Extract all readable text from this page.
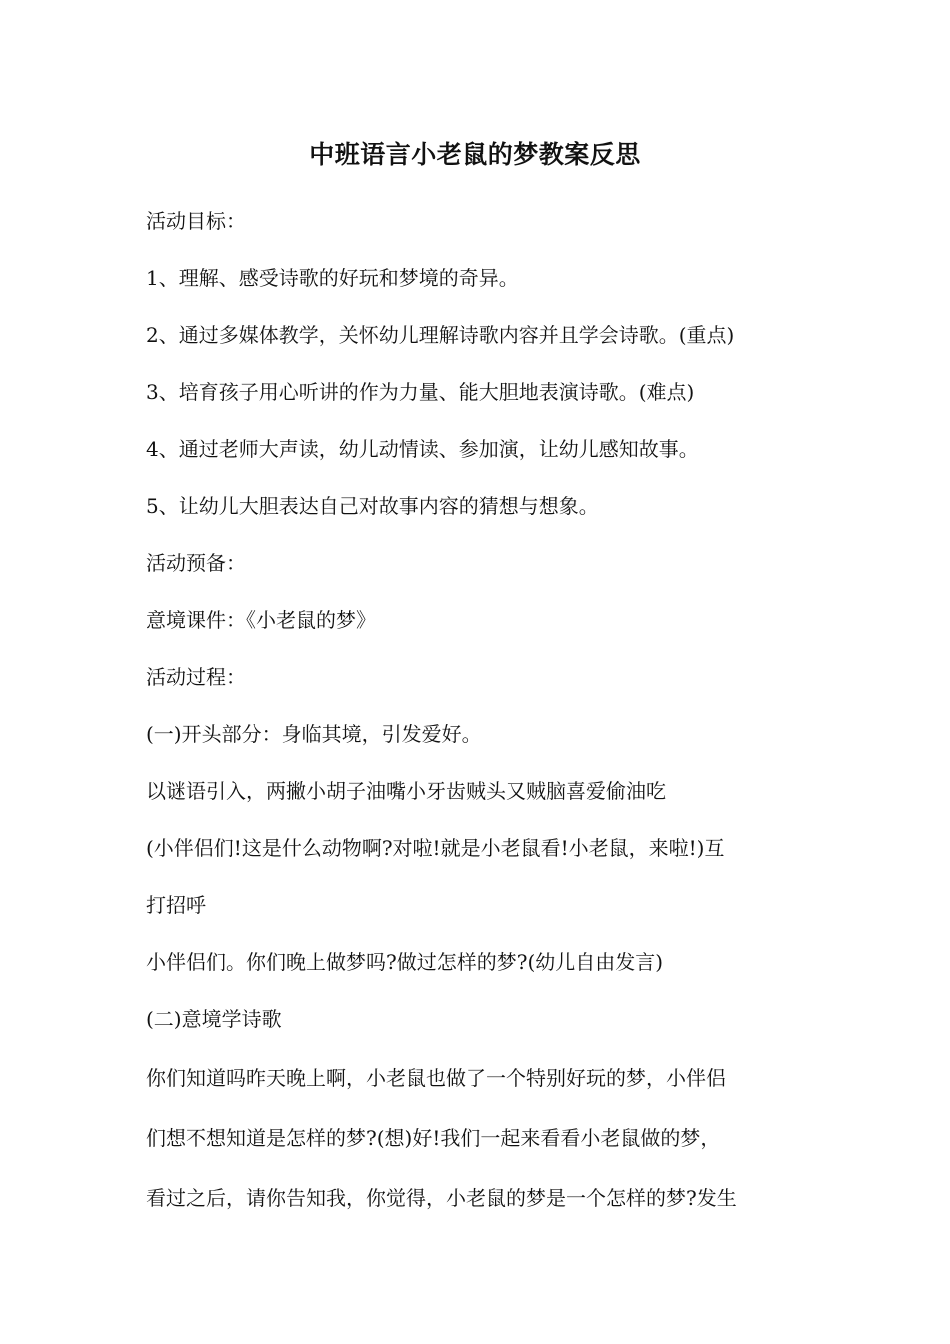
中班语言小老鼠的梦教案反思
活动目标：
1、理解、感受诗歌的好玩和梦境的奇异。
2、通过多媒体教学，关怀幼儿理解诗歌内容并且学会诗歌。(重点)
3、培育孩子用心听讲的作为力量、能大胆地表演诗歌。(难点)
4、通过老师大声读，幼儿动情读、参加演，让幼儿感知故事。
5、让幼儿大胆表达自己对故事内容的猜想与想象。
活动预备：
意境课件：《小老鼠的梦》
活动过程：
(一)开头部分：身临其境，引发爱好。
以谜语引入，两撇小胡子油嘴小牙齿贼头又贼脑喜爱偷油吃
(小伴侣们!这是什么动物啊?对啦!就是小老鼠看!小老鼠，来啦!)互
打招呼
小伴侣们。你们晚上做梦吗?做过怎样的梦?(幼儿自由发言)
(二)意境学诗歌
你们知道吗昨天晚上啊，小老鼠也做了一个特别好玩的梦，小伴侣
们想不想知道是怎样的梦?(想)好!我们一起来看看小老鼠做的梦，
看过之后，请你告知我，你觉得，小老鼠的梦是一个怎样的梦?发生
